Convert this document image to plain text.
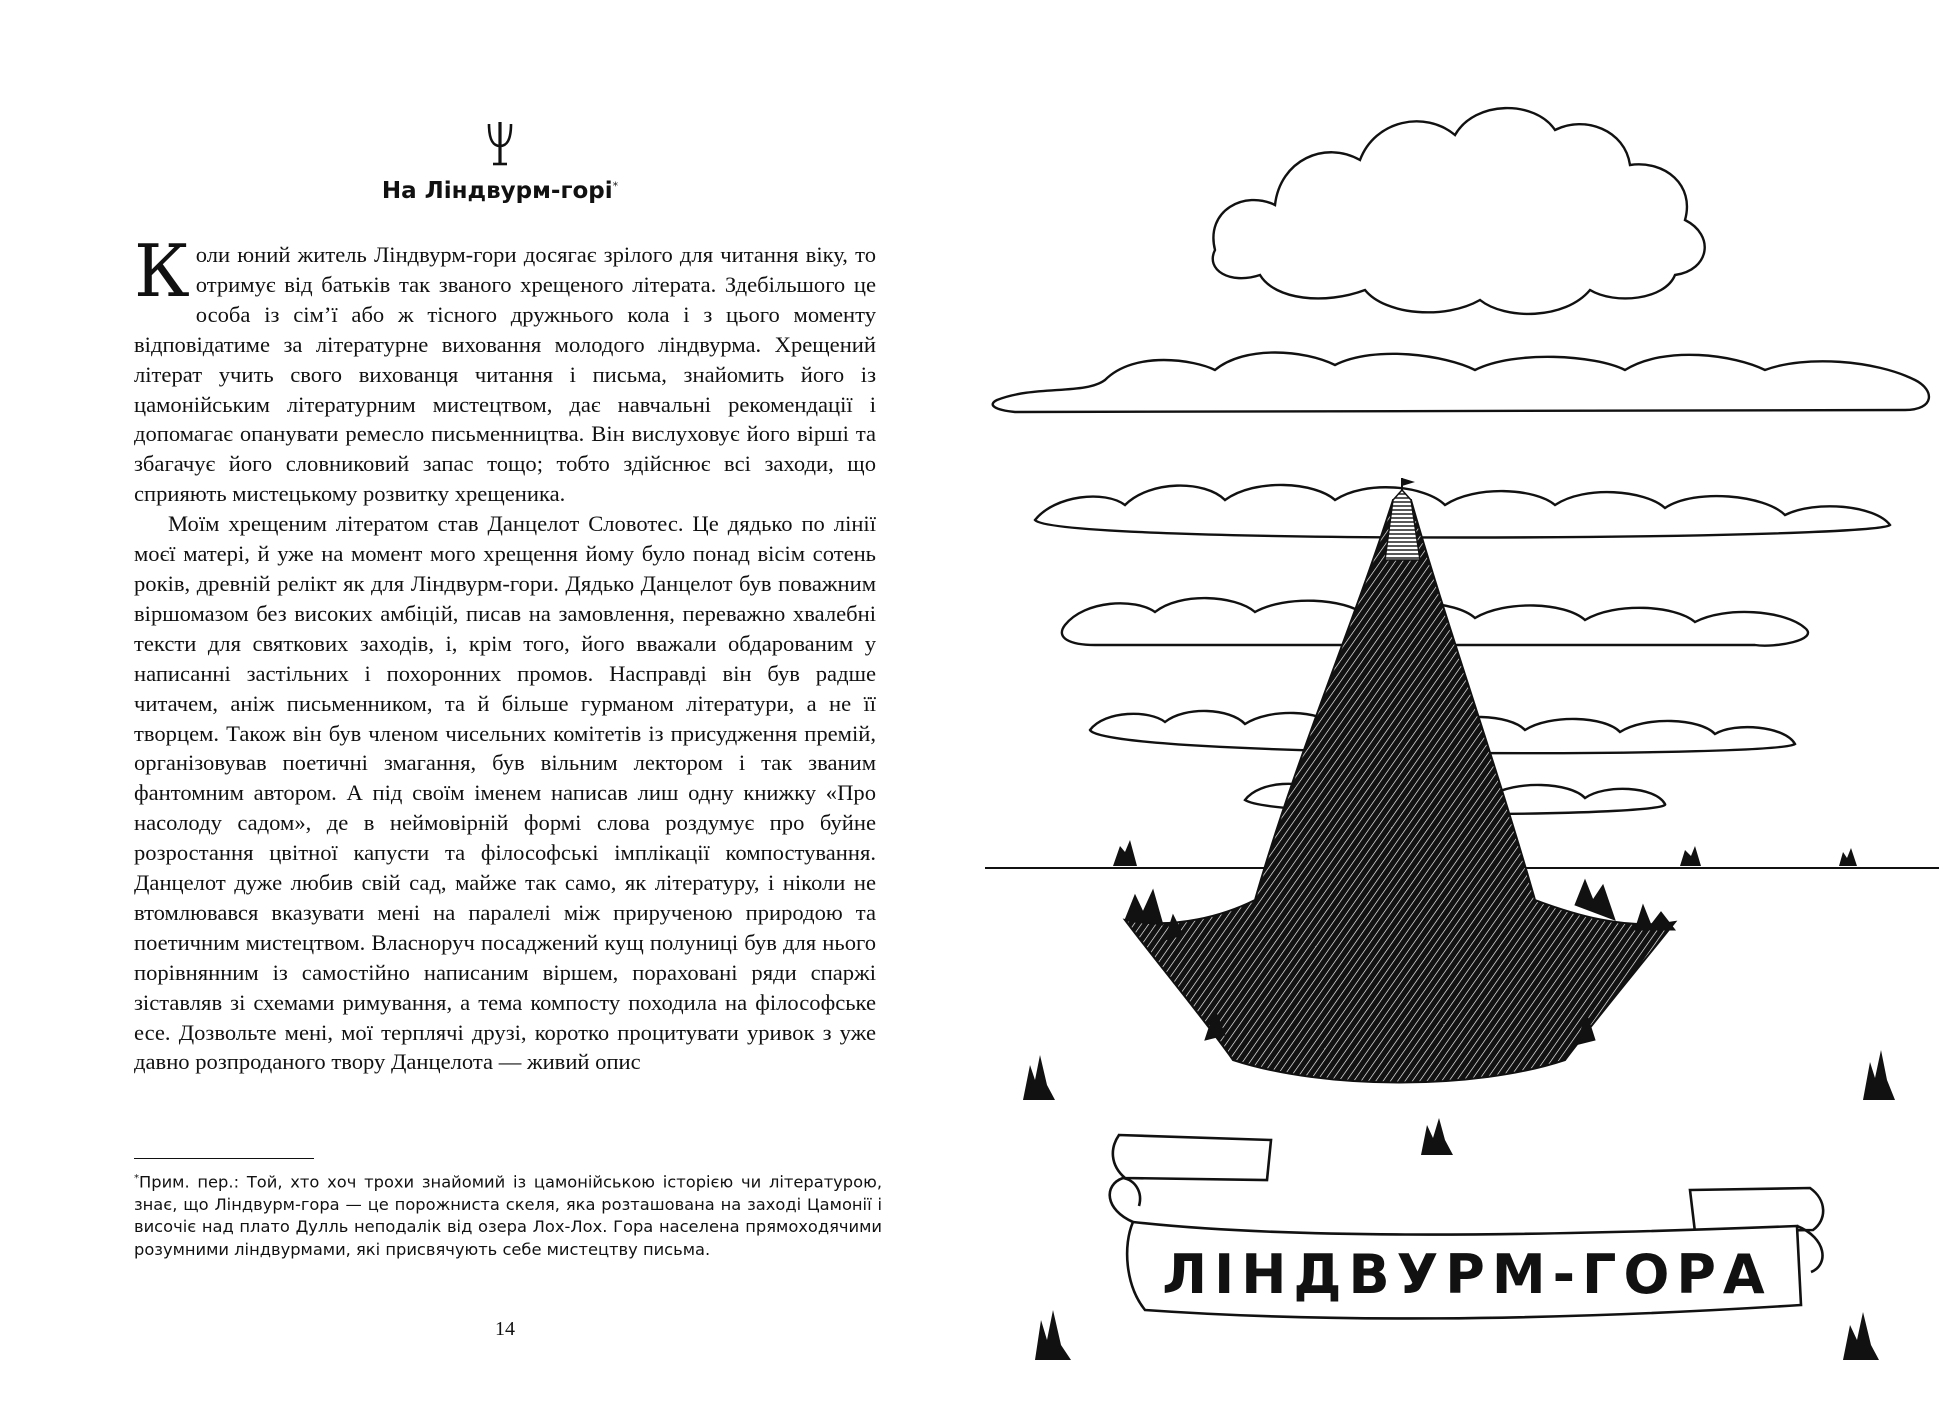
На Ліндвурм-горі*

Коли юний житель Ліндвурм-гори досягає зрілого для читання віку, то отримує від батьків так званого хрещеного літерата. Здебільшого це особа із сім’ї або ж тісного дружнього кола і з цього моменту відповідатиме за літературне виховання молодого ліндвурма. Хрещений літерат учить свого вихованця читання і письма, знайомить його із цамонійським літературним мистецтвом, дає навчальні рекомендації і допомагає опанувати ремесло письменництва. Він вислуховує його вірші та збагачує його словниковий запас тощо; тобто здійснює всі заходи, що сприяють мистецькому розвитку хрещеника.

Моїм хрещеним літератом став Данцелот Словотес. Це дядько по лінії моєї матері, й уже на момент мого хрещення йому було понад вісім сотень років, древній релікт як для Ліндвурм-гори. Дядько Данцелот був поважним віршомазом без високих амбіцій, писав на замовлення, переважно хвалебні тексти для святкових заходів, і, крім того, його вважали обдарованим у написанні застільних і похоронних промов. Насправді він був радше читачем, аніж письменником, та й більше гурманом літератури, а не її творцем. Також він був членом чисельних комітетів із присудження премій, організовував поетичні змагання, був вільним лектором і так званим фантомним автором. А під своїм іменем написав лиш одну книжку «Про насолоду садом», де в неймовірній формі слова роздумує про буйне розростання цвітної капусти та філософські імплікації компостування. Данцелот дуже любив свій сад, майже так само, як літературу, і ніколи не втомлювався вказувати мені на паралелі між прирученою природою та поетичним мистецтвом. Власноруч посаджений кущ полуниці був для нього порівнянним із самостійно написаним віршем, пораховані ряди спаржі зіставляв зі схемами римування, а тема компосту походила на філософське есе. Дозвольте мені, мої терплячі друзі, коротко процитувати уривок з уже давно розпроданого твору Данцелота — живий опис

*Прим. пер.: Той, хто хоч трохи знайомий із цамонійською історією чи літературою, знає, що Ліндвурм-гора — це порожниста скеля, яка розташована на заході Цамонії і височіє над плато Дулль неподалік від озера Лох-Лох. Гора населена прямоходячими розумними ліндвурмами, які присвячують себе мистецтву письма.
14
ЛІНДВУРМ-ГОРА
